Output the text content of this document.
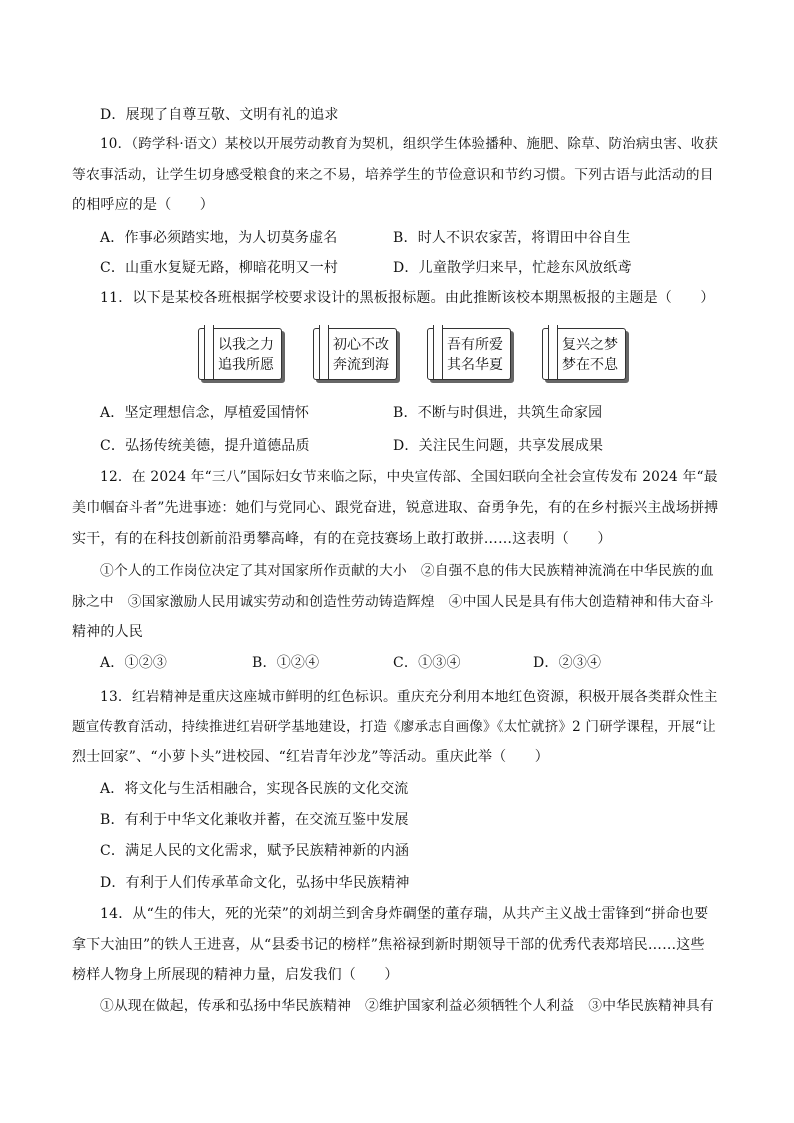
D．展现了自尊互敬、文明有礼的追求
10．（跨学科·语文）某校以开展劳动教育为契机，组织学生体验播种、施肥、除草、防治病虫害、收获
等农事活动，让学生切身感受粮食的来之不易，培养学生的节俭意识和节约习惯。下列古语与此活动的目
的相呼应的是（　　）
A．作事必须踏实地，为人切莫务虚名	B．时人不识农家苦，将谓田中谷自生
C．山重水复疑无路，柳暗花明又一村	D．儿童散学归来早，忙趁东风放纸鸢
11．以下是某校各班根据学校要求设计的黑板报标题。由此推断该校本期黑板报的主题是（　　）
以我之力
追我所愿
初心不改
奔流到海
吾有所爱
其名华夏
复兴之梦
梦在不息
A．坚定理想信念，厚植爱国情怀	B．不断与时俱进，共筑生命家园
C．弘扬传统美德，提升道德品质	D．关注民生问题，共享发展成果
12．在 2024 年“三八”国际妇女节来临之际，中央宣传部、全国妇联向全社会宣传发布 2024 年“最
美巾帼奋斗者”先进事迹：她们与党同心、跟党奋进，锐意进取、奋勇争先，有的在乡村振兴主战场拼搏
实干，有的在科技创新前沿勇攀高峰，有的在竞技赛场上敢打敢拼……这表明（　　）
①个人的工作岗位决定了其对国家所作贡献的大小　②自强不息的伟大民族精神流淌在中华民族的血
脉之中　③国家激励人民用诚实劳动和创造性劳动铸造辉煌　④中国人民是具有伟大创造精神和伟大奋斗
精神的人民
A．①②③	B．①②④	C．①③④	D．②③④
13．红岩精神是重庆这座城市鲜明的红色标识。重庆充分利用本地红色资源，积极开展各类群众性主
题宣传教育活动，持续推进红岩研学基地建设，打造《廖承志自画像》《太忙就挤》2 门研学课程，开展“让
烈士回家”、“小萝卜头”进校园、“红岩青年沙龙”等活动。重庆此举（　　）
A．将文化与生活相融合，实现各民族的文化交流
B．有利于中华文化兼收并蓄，在交流互鉴中发展
C．满足人民的文化需求，赋予民族精神新的内涵
D．有利于人们传承革命文化，弘扬中华民族精神
14．从“生的伟大，死的光荣”的刘胡兰到舍身炸碉堡的董存瑞，从共产主义战士雷锋到“拼命也要
拿下大油田”的铁人王进喜，从“县委书记的榜样”焦裕禄到新时期领导干部的优秀代表郑培民……这些
榜样人物身上所展现的精神力量，启发我们（　　）
①从现在做起，传承和弘扬中华民族精神　②维护国家利益必须牺牲个人利益　③中华民族精神具有
